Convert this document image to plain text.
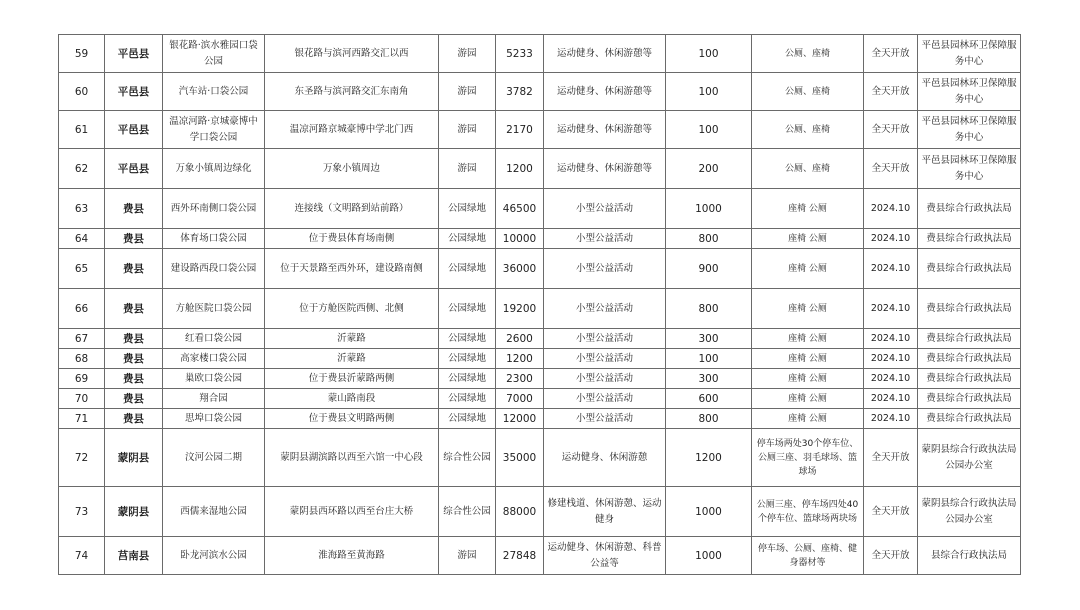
59	平邑县	银花路·滨水雅园口袋公园	银花路与滨河西路交汇以西	游园	5233	运动健身、休闲游憩等	100	公厕、座椅	全天开放	平邑县园林环卫保障服务中心
60	平邑县	汽车站·口袋公园	东圣路与滨河路交汇东南角	游园	3782	运动健身、休闲游憩等	100	公厕、座椅	全天开放	平邑县园林环卫保障服务中心
61	平邑县	温凉河路·京城豪博中学口袋公园	温凉河路京城豪博中学北门西	游园	2170	运动健身、休闲游憩等	100	公厕、座椅	全天开放	平邑县园林环卫保障服务中心
62	平邑县	万象小镇周边绿化	万象小镇周边	游园	1200	运动健身、休闲游憩等	200	公厕、座椅	全天开放	平邑县园林环卫保障服务中心
63	费县	西外环南侧口袋公园	连接线（文明路到站前路）	公园绿地	46500	小型公益活动	1000	座椅 公厕	2024.10	费县综合行政执法局
64	费县	体育场口袋公园	位于费县体育场南侧	公园绿地	10000	小型公益活动	800	座椅 公厕	2024.10	费县综合行政执法局
65	费县	建设路西段口袋公园	位于天景路至西外环，建设路南侧	公园绿地	36000	小型公益活动	900	座椅 公厕	2024.10	费县综合行政执法局
66	费县	方舱医院口袋公园	位于方舱医院西侧、北侧	公园绿地	19200	小型公益活动	800	座椅 公厕	2024.10	费县综合行政执法局
67	费县	红看口袋公园	沂蒙路	公园绿地	2600	小型公益活动	300	座椅 公厕	2024.10	费县综合行政执法局
68	费县	高家楼口袋公园	沂蒙路	公园绿地	1200	小型公益活动	100	座椅 公厕	2024.10	费县综合行政执法局
69	费县	巢欧口袋公园	位于费县沂蒙路两侧	公园绿地	2300	小型公益活动	300	座椅 公厕	2024.10	费县综合行政执法局
70	费县	翔合园	蒙山路南段	公园绿地	7000	小型公益活动	600	座椅 公厕	2024.10	费县综合行政执法局
71	费县	思埠口袋公园	位于费县文明路两侧	公园绿地	12000	小型公益活动	800	座椅 公厕	2024.10	费县综合行政执法局
72	蒙阴县	汶河公园二期	蒙阴县湖滨路以西至六馆一中心段	综合性公园	35000	运动健身、休闲游憩	1200	停车场两处30个停车位、公厕三座、羽毛球场、篮球场	全天开放	蒙阴县综合行政执法局公园办公室
73	蒙阴县	西儒来湿地公园	蒙阴县西环路以西至台庄大桥	综合性公园	88000	修建栈道、休闲游憩、运动健身	1000	公厕三座、停车场四处40个停车位、篮球场两块场	全天开放	蒙阴县综合行政执法局公园办公室
74	莒南县	卧龙河滨水公园	淮海路至黄海路	游园	27848	运动健身、休闲游憩、科普公益等	1000	停车场、公厕、座椅、健身器材等	全天开放	县综合行政执法局
